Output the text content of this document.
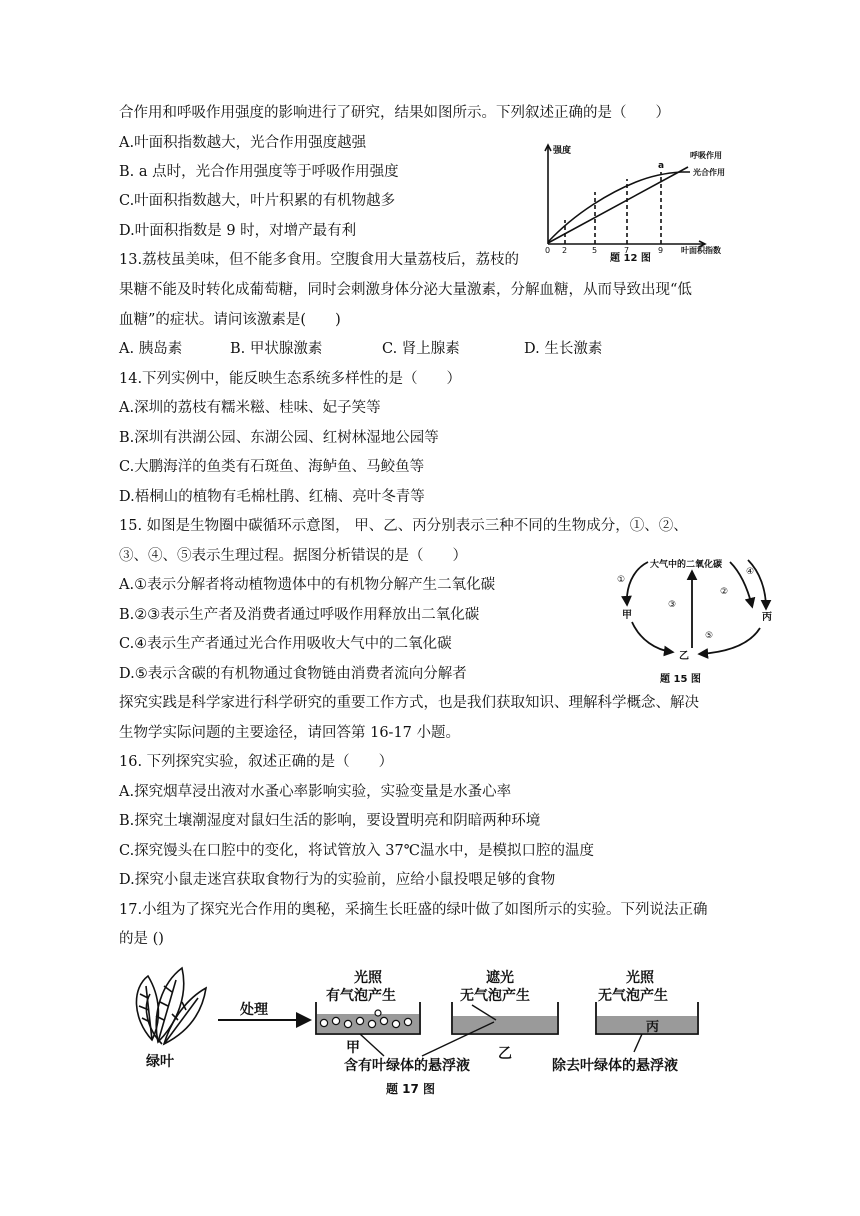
合作用和呼吸作用强度的影响进行了研究，结果如图所示。下列叙述正确的是（　　）
A.叶面积指数越大，光合作用强度越强
B. a 点时，光合作用强度等于呼吸作用强度
C.叶面积指数越大，叶片积累的有机物越多
D.叶面积指数是 9 时，对增产最有利
强度
0 2	5	7	9 叶面积指数
a
呼吸作用
光合作用
题 12 图
13.荔枝虽美味，但不能多食用。空腹食用大量荔枝后，荔枝的
果糖不能及时转化成葡萄糖，同时会刺激身体分泌大量激素，分解血糖，从而导致出现“低
血糖”的症状。请问该激素是(　　)
A. 胰岛素	B. 甲状腺激素	C. 肾上腺素	D. 生长激素
14.下列实例中，能反映生态系统多样性的是（　　）
A.深圳的荔枝有糯米糍、桂味、妃子笑等
B.深圳有洪湖公园、东湖公园、红树林湿地公园等
C.大鹏海洋的鱼类有石斑鱼、海鲈鱼、马鲛鱼等
D.梧桐山的植物有毛棉杜鹃、红楠、亮叶冬青等
15. 如图是生物圈中碳循环示意图， 甲、乙、丙分别表示三种不同的生物成分，①、②、
③、④、⑤表示生理过程。据图分析错误的是（　　）
A.①表示分解者将动植物遗体中的有机物分解产生二氧化碳
B.②③表示生产者及消费者通过呼吸作用释放出二氧化碳
C.④表示生产者通过光合作用吸收大气中的二氧化碳
D.⑤表示含碳的有机物通过食物链由消费者流向分解者
大气中的二氧化碳
甲	丙
乙
①
②
③
④
⑤
题 15 图
探究实践是科学家进行科学研究的重要工作方式，也是我们获取知识、理解科学概念、解决
生物学实际问题的主要途径，请回答第 16-17 小题。
16. 下列探究实验，叙述正确的是（　　）
A.探究烟草浸出液对水蚤心率影响实验，实验变量是水蚤心率
B.探究土壤潮湿度对鼠妇生活的影响，要设置明亮和阴暗两种环境
C.探究馒头在口腔中的变化，将试管放入 37℃温水中，是模拟口腔的温度
D.探究小鼠走迷宫获取食物行为的实验前，应给小鼠投喂足够的食物
17.小组为了探究光合作用的奥秘，采摘生长旺盛的绿叶做了如图所示的实验。下列说法正确
的是 ()
绿叶
处理
光照
有气泡产生
甲
遮光
无气泡产生
乙
光照
无气泡产生
丙
含有叶绿体的悬浮液	除去叶绿体的悬浮液
题 17 图
